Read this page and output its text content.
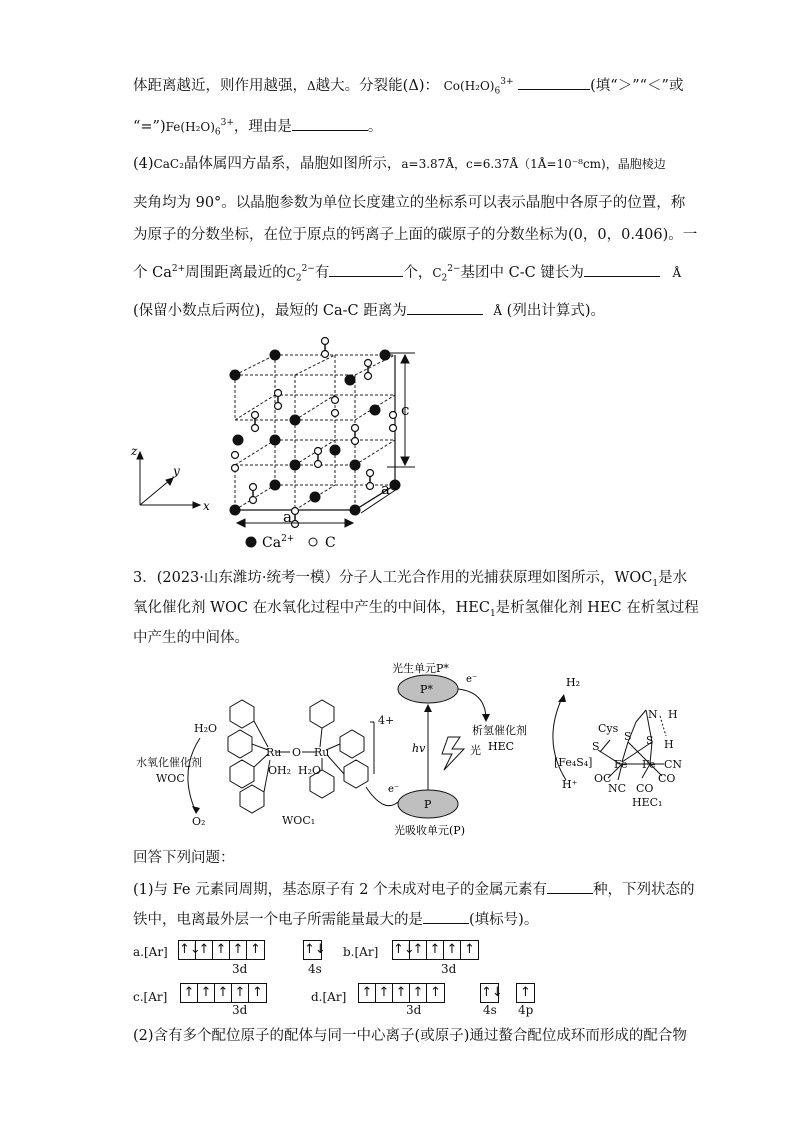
体距离越近，则作用越强，Δ越大。分裂能(Δ)： $Co(H_2O)_6^{3+}$	(填“＞”“＜”或
“$=”)Fe(H_2O)_6^{3+}$，理由是	。
(4)CaC₂晶体属四方晶系，晶胞如图所示，a=3.87Å，c=6.37Å（1Å=10⁻⁸cm)，晶胞棱边
夹角均为 90°。以晶胞参数为单位长度建立的坐标系可以表示晶胞中各原子的位置，称
为原子的分数坐标，在位于原点的钙离子上面的碳原子的分数坐标为(0，0，0.406)。一
个 $Ca^{2+}$周围距离最近的$C_2^{2-}$有	个，$C_2^{2-}$基团中 C-C 键长为	Å
(保留小数点后两位)，最短的 Ca-C 距离为	Å (列出计算式)。
c
a
a
z
y
x
$Ca^{2+}$ C
3．(2023·山东潍坊·统考一模）分子人工光合作用的光捕获原理如图所示，$WOC_1$是水
氧化催化剂 WOC 在水氧化过程中产生的中间体，$HEC_1$是析氢催化剂 HEC 在析氢过程
中产生的中间体。
H₂O
O₂
水氧化催化剂
WOC
WOC₁
Ru O Ru
OH₂ H₂O
4+
e⁻
光生单元P*
P*
P
光吸收单元(P)
hv	光
e⁻
析氢催化剂
HEC
H₂
H⁺
Cys
S
[Fe₄S₄] Fe Fe CN
OC
NC CO
CO
N H
H
S S
HEC₁
回答下列问题：
(1)与 Fe 元素同周期，基态原子有 2 个未成对电子的金属元素有	种，下列状态的
铁中，电离最外层一个电子所需能量最大的是	(填标号)。
a.[Ar] ↑↓
↑ ↑ ↑ ↑	↑↓
3d	4s
b.[Ar] ↑↓
↑ ↑ ↑ ↑
3d
c.[Ar] ↑ ↑ ↑ ↑ ↑
3d
d.[Ar] ↑ ↑ ↑ ↑ ↑	↑↓ ↑
3d	4s 4p
(2)含有多个配位原子的配体与同一中心离子(或原子)通过螯合配位成环而形成的配合物
